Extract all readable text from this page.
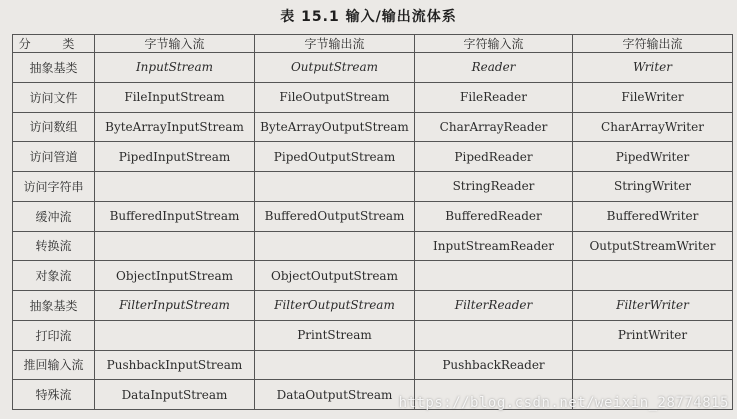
表 15.1 输入/输出流体系
分 类	字节输入流	字节输出流	字符输入流	字符输出流
抽象基类	InputStream	OutputStream	Reader	Writer
访问文件	FileInputStream	FileOutputStream	FileReader	FileWriter
访问数组	ByteArrayInputStream	ByteArrayOutputStream	CharArrayReader	CharArrayWriter
访问管道	PipedInputStream	PipedOutputStream	PipedReader	PipedWriter
访问字符串			StringReader	StringWriter
缓冲流	BufferedInputStream	BufferedOutputStream	BufferedReader	BufferedWriter
转换流			InputStreamReader	OutputStreamWriter
对象流	ObjectInputStream	ObjectOutputStream		
抽象基类	FilterInputStream	FilterOutputStream	FilterReader	FilterWriter
打印流		PrintStream		PrintWriter
推回输入流	PushbackInputStream		PushbackReader	
特殊流	DataInputStream	DataOutputStream		
https://blog.csdn.net/weixin_28774815
